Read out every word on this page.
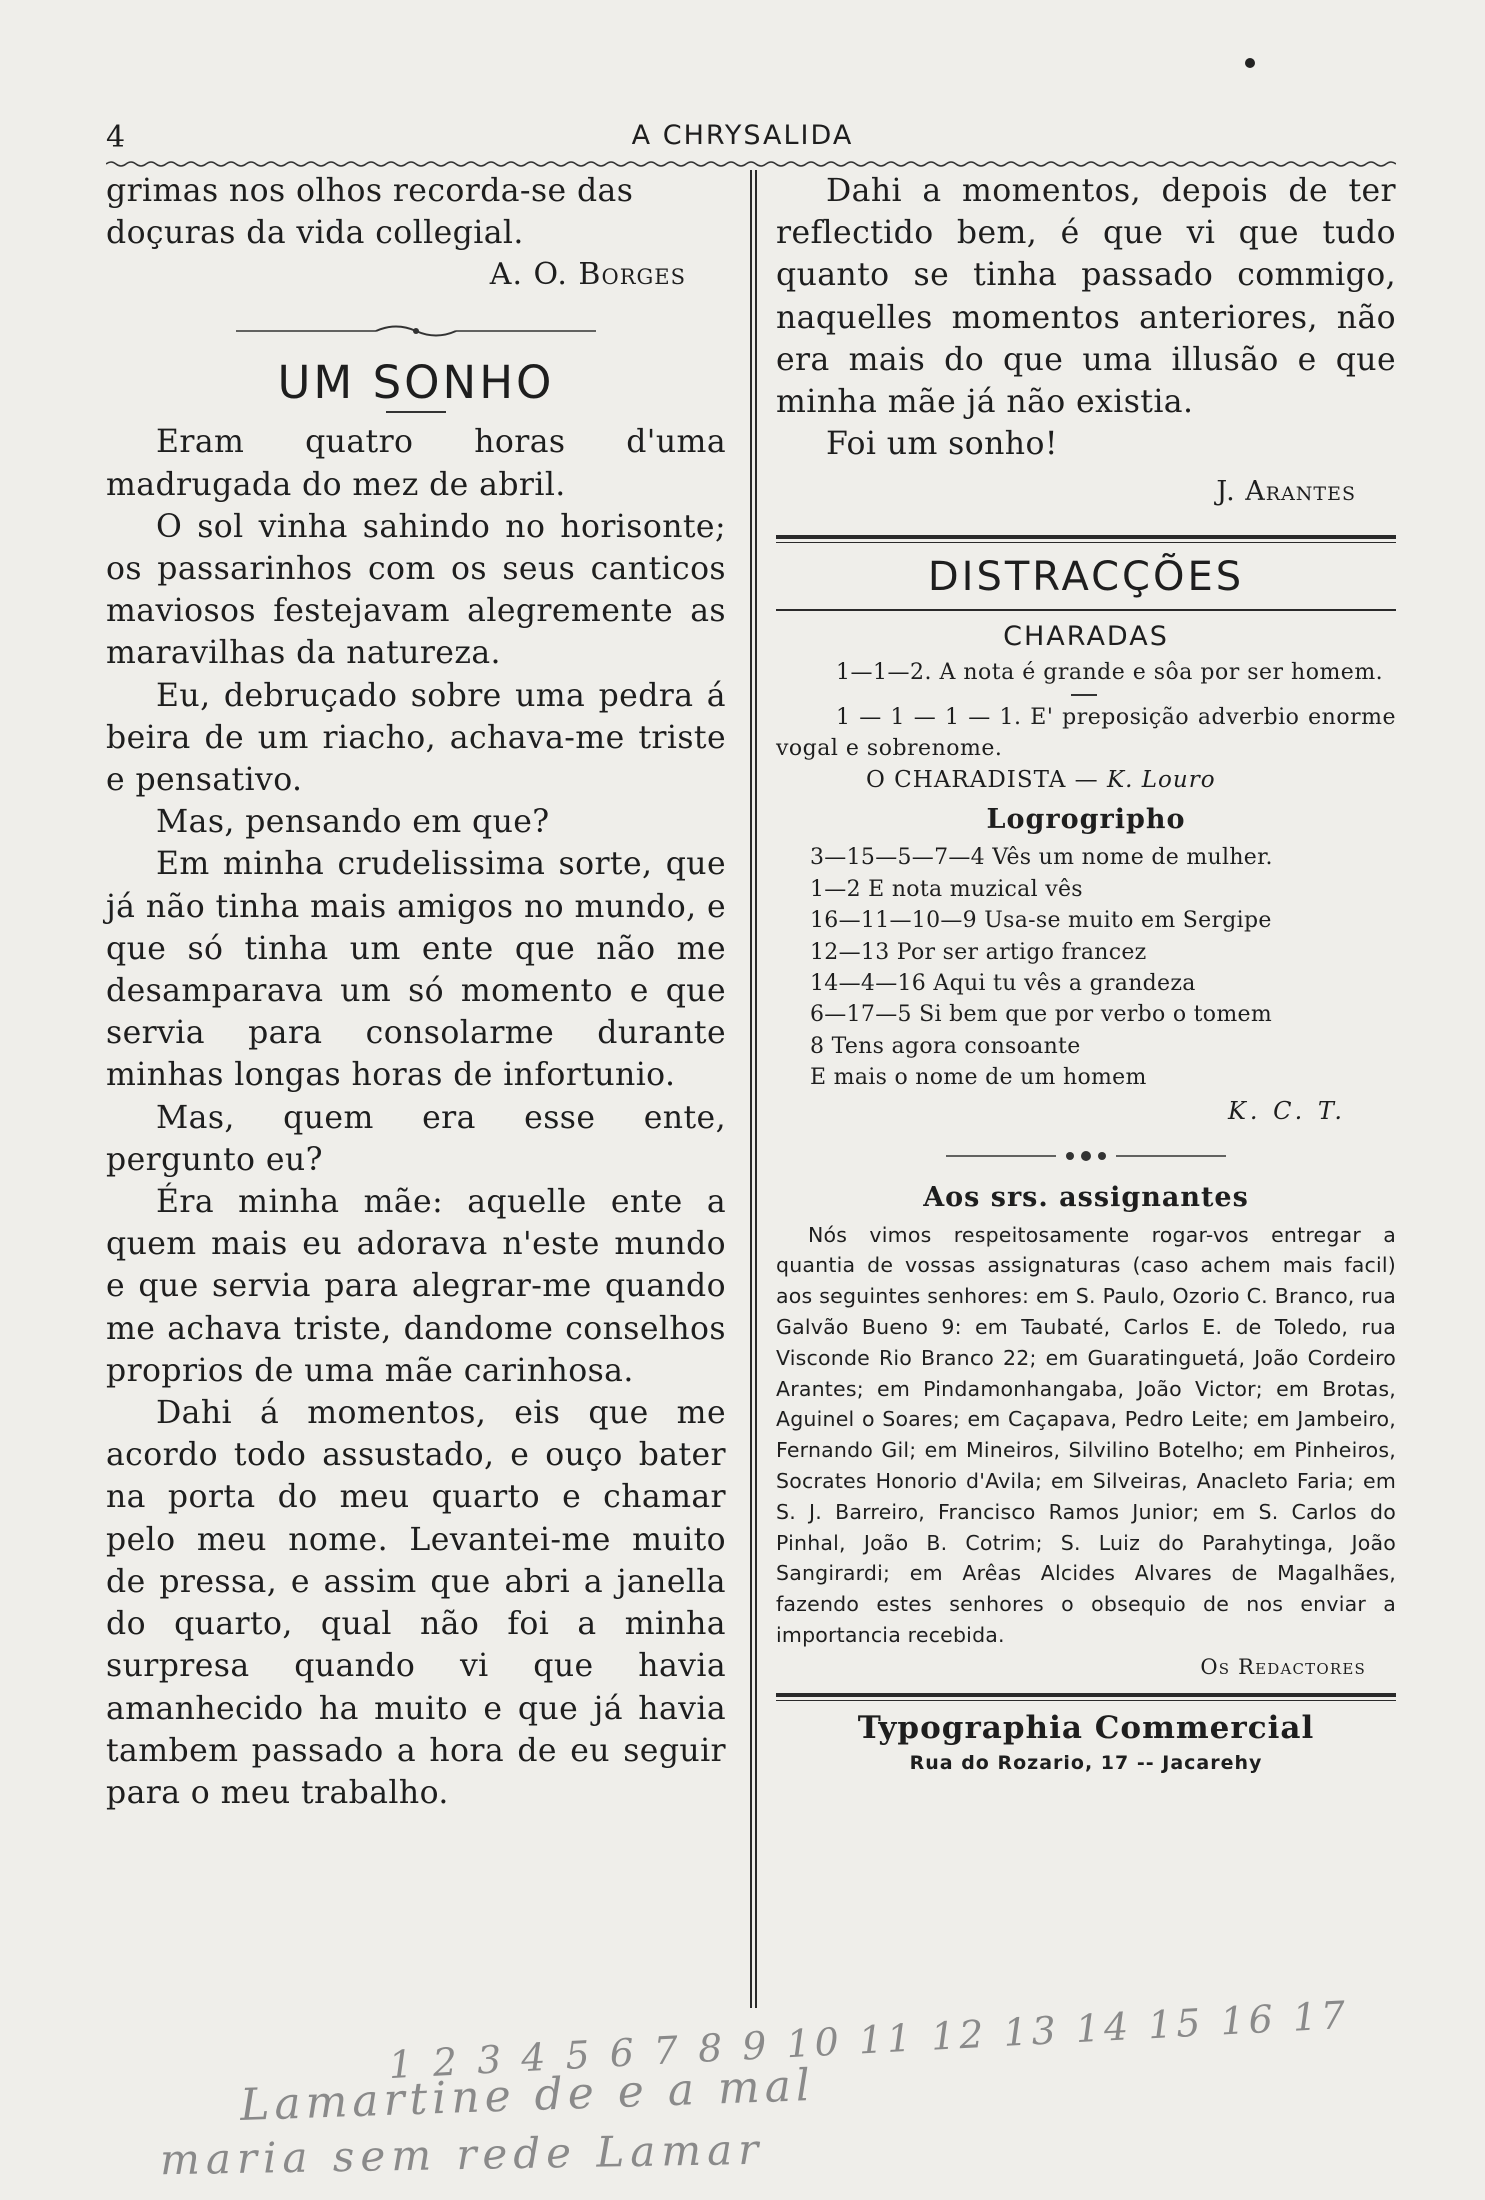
4	A CHRYSALIDA

grimas nos olhos recorda-se das

doçuras da vida collegial.

A. O. Borges

UM SONHO

Eram quatro horas d'uma madrugada do mez de abril.

O sol vinha sahindo no horisonte; os passarinhos com os seus canticos maviosos festejavam alegremente as maravilhas da natureza.

Eu, debruçado sobre uma pedra á beira de um riacho, achava-me triste e pensativo.

Mas, pensando em que?

Em minha crudelissima sorte, que já não tinha mais amigos no mundo, e que só tinha um ente que não me desamparava um só momento e que servia para consolarme durante minhas longas horas de infortunio.

Mas, quem era esse ente, pergunto eu?

Éra minha mãe: aquelle ente a quem mais eu adorava n'este mundo e que servia para alegrar-me quando me achava triste, dandome conselhos proprios de uma mãe carinhosa.

Dahi á momentos, eis que me acordo todo assustado, e ouço bater na porta do meu quarto e chamar pelo meu nome. Levantei-me muito de pressa, e assim que abri a janella do quarto, qual não foi a minha surpresa quando vi que havia amanhecido ha muito e que já havia tambem passado a hora de eu seguir para o meu trabalho.

Dahi a momentos, depois de ter reflectido bem, é que vi que tudo quanto se tinha passado commigo, naquelles momentos anteriores, não era mais do que uma illusão e que minha mãe já não existia.

Foi um sonho!

J. Arantes

DISTRACÇÕES

CHARADAS

1—1—2. A nota é grande e sôa por ser homem.

1 — 1 — 1 — 1. E' preposição adverbio enorme vogal e sobrenome.

O CHARADISTA — K. Louro

Logrogripho

3—15—5—7—4 Vês um nome de mulher.

1—2 E nota muzical vês

16—11—10—9 Usa-se muito em Sergipe

12—13 Por ser artigo francez

14—4—16 Aqui tu vês a grandeza

6—17—5 Si bem que por verbo o tomem

8 Tens agora consoante

E mais o nome de um homem

K. C. T.

Aos srs. assignantes

Nós vimos respeitosamente rogar-vos entregar a quantia de vossas assignaturas (caso achem mais facil) aos seguintes senhores: em S. Paulo, Ozorio C. Branco, rua Galvão Bueno 9: em Taubaté, Carlos E. de Toledo, rua Visconde Rio Branco 22; em Guaratinguetá, João Cordeiro Arantes; em Pindamonhangaba, João Victor; em Brotas, Aguinel o Soares; em Caçapava, Pedro Leite; em Jambeiro, Fernando Gil; em Mineiros, Silvilino Botelho; em Pinheiros, Socrates Honorio d'Avila; em Silveiras, Anacleto Faria; em S. J. Barreiro, Francisco Ramos Junior; em S. Carlos do Pinhal, João B. Cotrim; S. Luiz do Parahytinga, João Sangirardi; em Arêas Alcides Alvares de Magalhães, fazendo estes senhores o obsequio de nos enviar a importancia recebida.

Os Redactores

Typographia Commercial

Rua do Rozario, 17 -- Jacarehy

1 2 3 4 5 6 7 8 9 10 11 12 13 14 15 16 17
Lamartine de e a mal
maria sem rede Lamar
